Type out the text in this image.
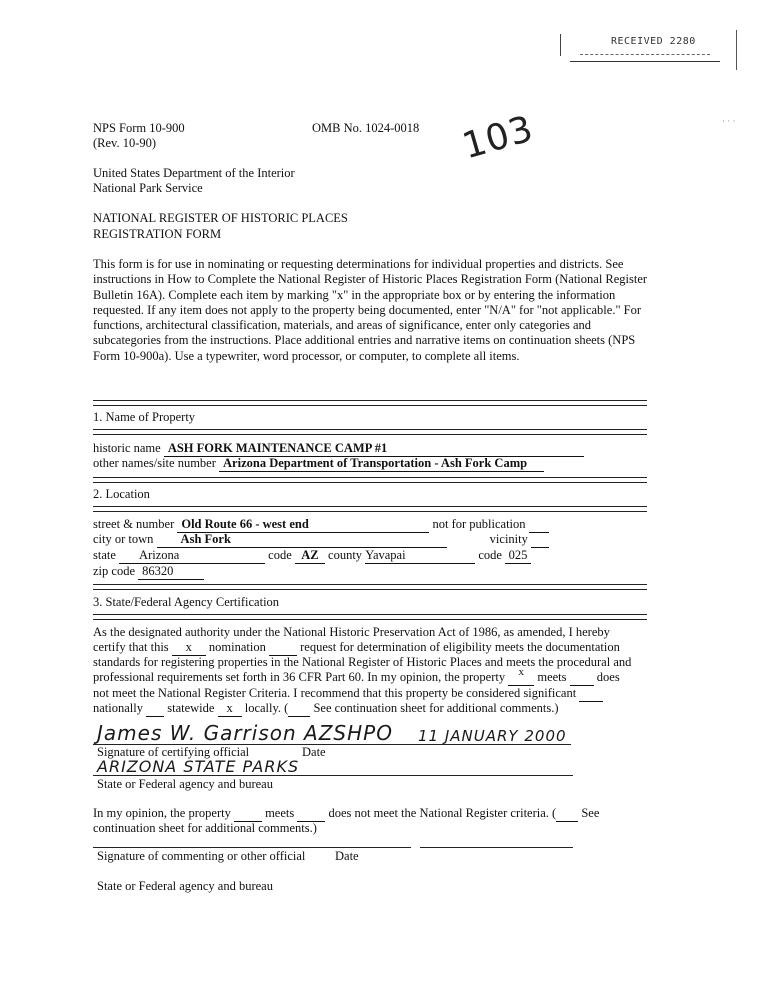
RECEIVED 2280
· · ·
NPS Form 10-900
(Rev. 10-90)
OMB No. 1024-0018 103
United States Department of the Interior
National Park Service
NATIONAL REGISTER OF HISTORIC PLACES
REGISTRATION FORM
This form is for use in nominating or requesting determinations for individual properties and districts. See instructions in How to Complete the National Register of Historic Places Registration Form (National Register Bulletin 16A). Complete each item by marking "x" in the appropriate box or by entering the information requested. If any item does not apply to the property being documented, enter "N/A" for "not applicable." For functions, architectural classification, materials, and areas of significance, enter only categories and subcategories from the instructions. Place additional entries and narrative items on continuation sheets (NPS Form 10-900a). Use a typewriter, word processor, or computer, to complete all items.
1. Name of Property
historic name ASH FORK MAINTENANCE CAMP #1
other names/site number Arizona Department of Transportation - Ash Fork Camp
2. Location
street & number Old Route 66 - west end	not for publication
city or town Ash Fork	vicinity
state Arizona	code AZ county Yavapai	code 025
zip code 86320
3. State/Federal Agency Certification
As the designated authority under the National Historic Preservation Act of 1986, as amended, I hereby
certify that this x nomination	request for determination of eligibility meets the documentation
standards for registering properties in the National Register of Historic Places and meets the procedural and
professional requirements set forth in 36 CFR Part 60. In my opinion, the property x meets does
not meet the National Register Criteria. I recommend that this property be considered significant
nationally statewide x locally. ( See continuation sheet for additional comments.)
James W. Garrison AZSHPO 11 JANUARY 2000
Signature of certifying official	Date
ARIZONA STATE PARKS
State or Federal agency and bureau
In my opinion, the property	meets	does not meet the National Register criteria. ( See
continuation sheet for additional comments.)
Signature of commenting or other official Date
State or Federal agency and bureau
